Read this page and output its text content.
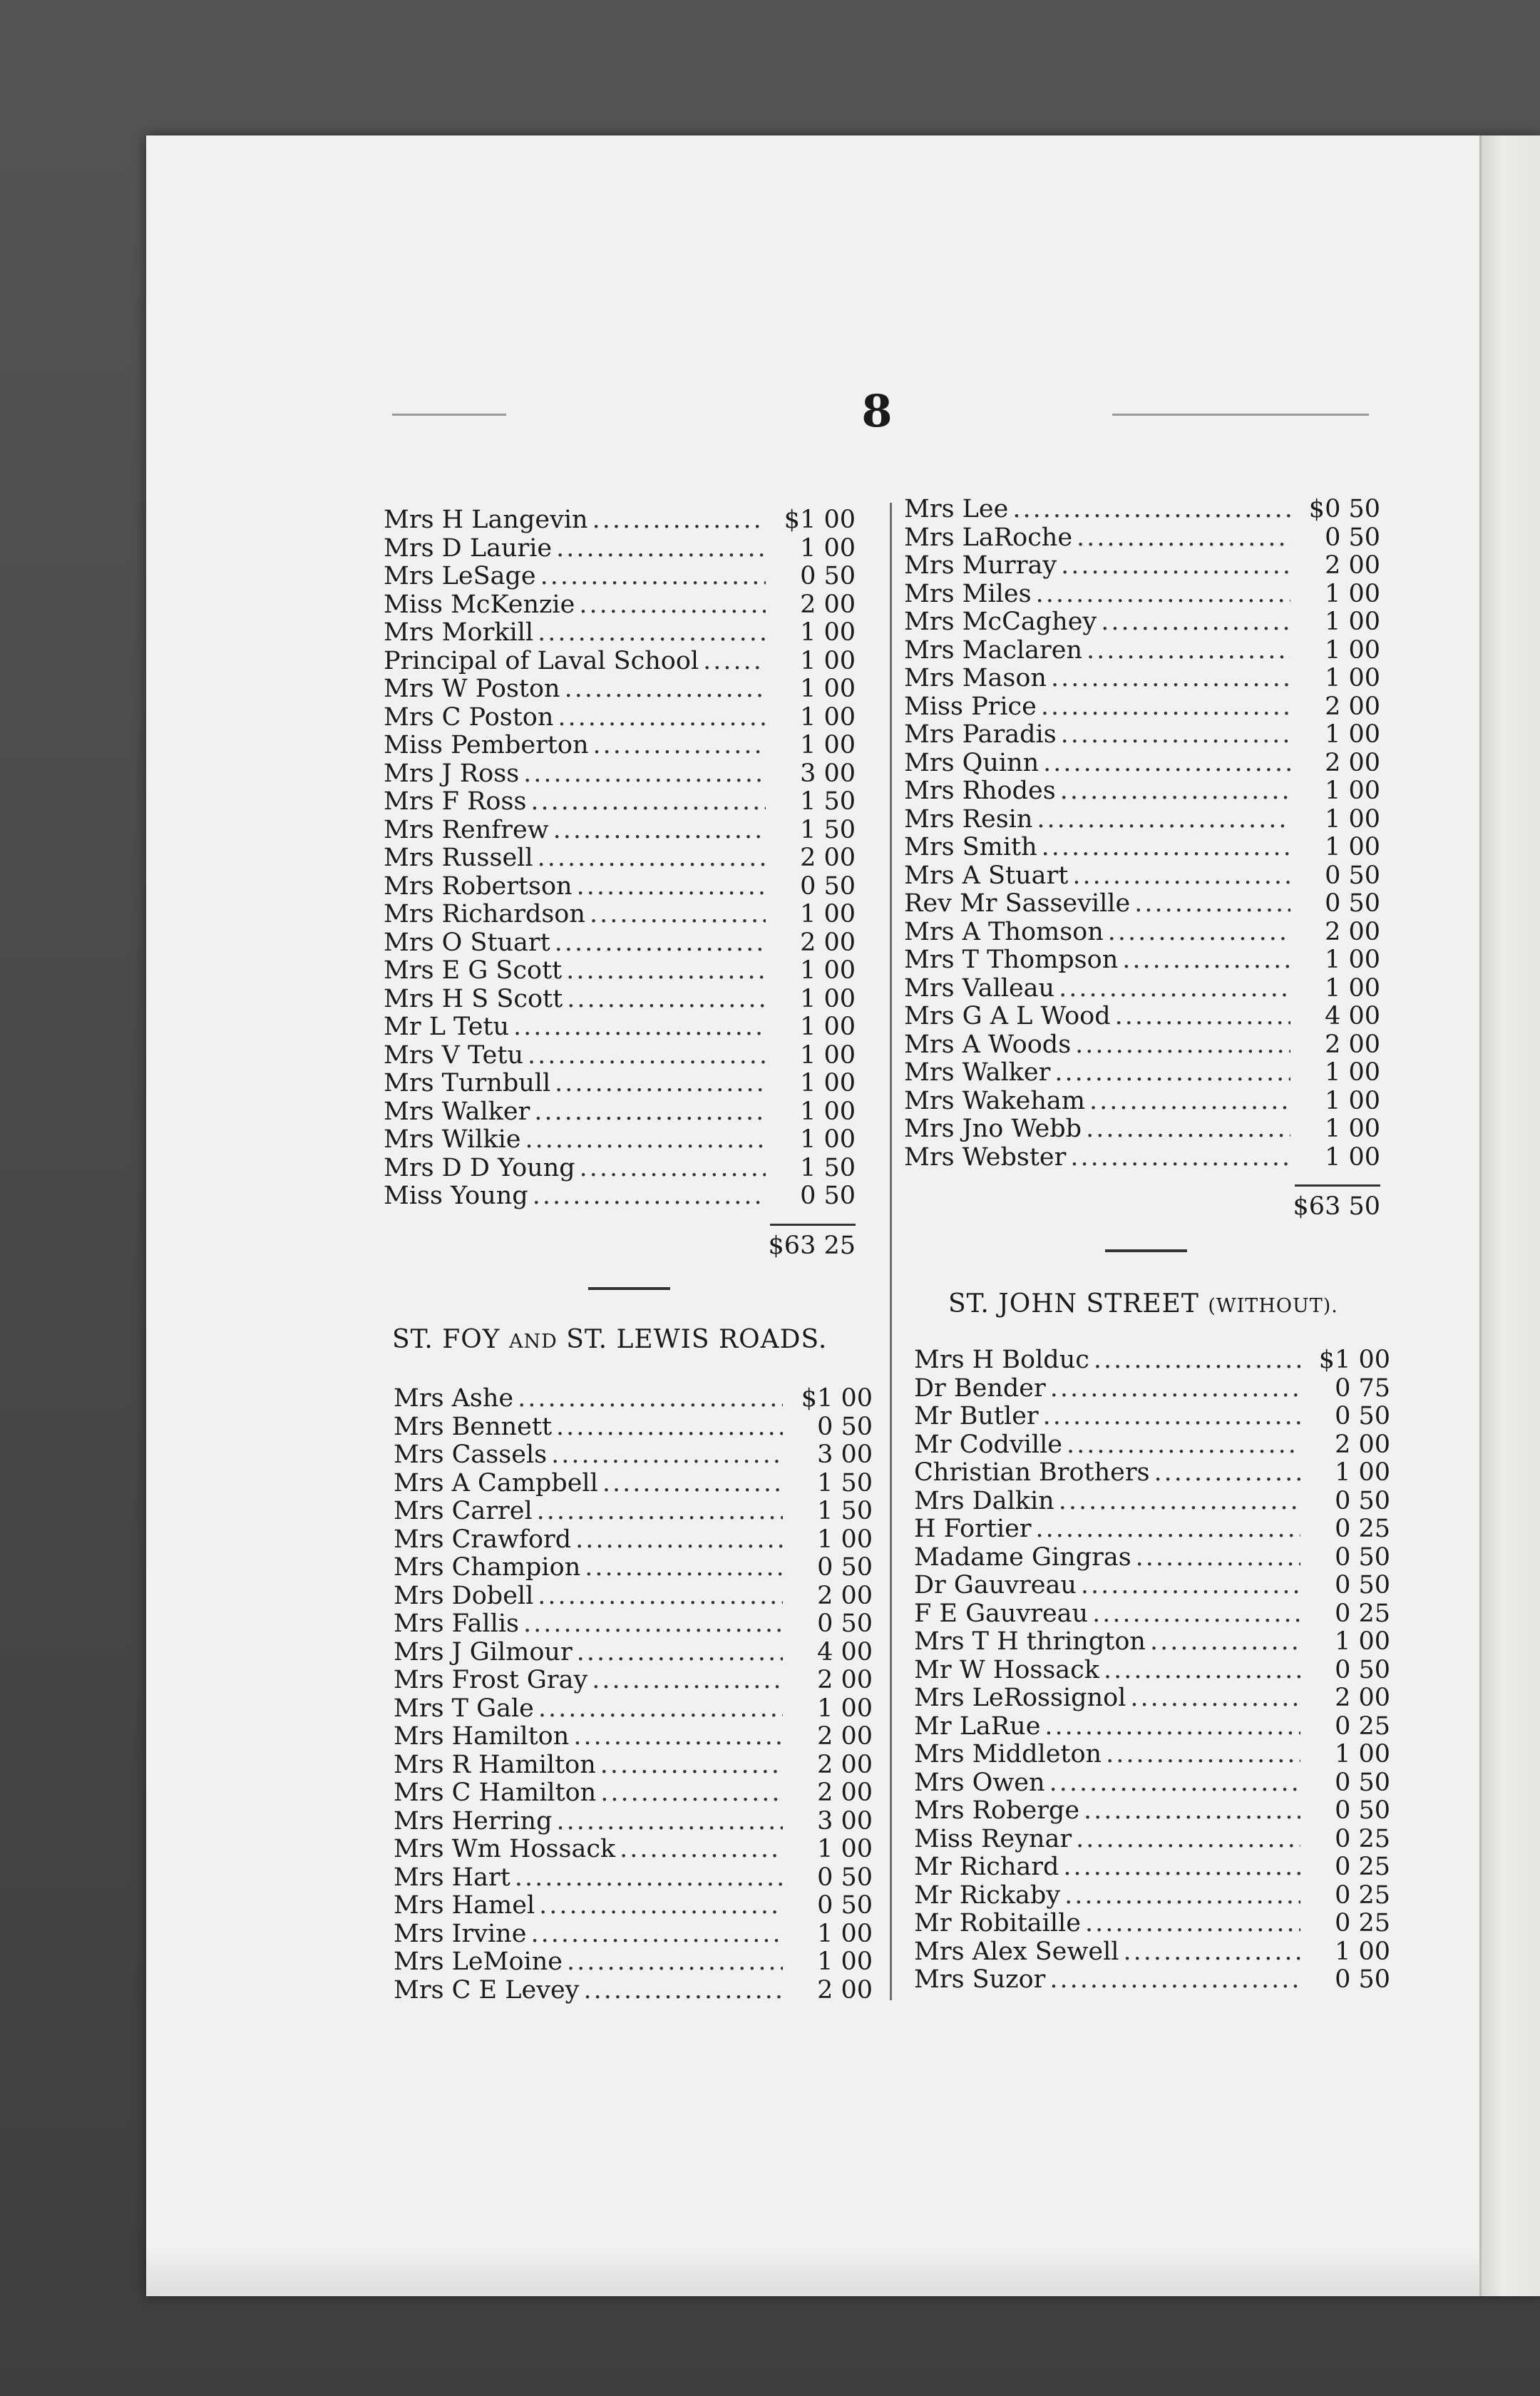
8
Mrs H Langevin .....	$1 00
Mrs D Laurie .....	1 00
Mrs LeSage .....	0 50
Miss McKenzie .....	2 00
Mrs Morkill .....	1 00
Principal of Laval School .....	1 00
Mrs W Poston .....	1 00
Mrs C Poston .....	1 00
Miss Pemberton .....	1 00
Mrs J Ross .....	3 00
Mrs F Ross .....	1 50
Mrs Renfrew .....	1 50
Mrs Russell .....	2 00
Mrs Robertson .....	0 50
Mrs Richardson .....	1 00
Mrs O Stuart .....	2 00
Mrs E G Scott .....	1 00
Mrs H S Scott .....	1 00
Mr L Tetu .....	1 00
Mrs V Tetu .....	1 00
Mrs Turnbull .....	1 00
Mrs Walker .....	1 00
Mrs Wilkie .....	1 00
Mrs D D Young .....	1 50
Miss Young .....	0 50
$63 25
Mrs Lee .....	$0 50
Mrs LaRoche .....	0 50
Mrs Murray .....	2 00
Mrs Miles .....	1 00
Mrs McCaghey .....	1 00
Mrs Maclaren .....	1 00
Mrs Mason .....	1 00
Miss Price .....	2 00
Mrs Paradis .....	1 00
Mrs Quinn .....	2 00
Mrs Rhodes .....	1 00
Mrs Resin .....	1 00
Mrs Smith .....	1 00
Mrs A Stuart .....	0 50
Rev Mr Sasseville .....	0 50
Mrs A Thomson .....	2 00
Mrs T Thompson .....	1 00
Mrs Valleau .....	1 00
Mrs G A L Wood .....	4 00
Mrs A Woods .....	2 00
Mrs Walker .....	1 00
Mrs Wakeham .....	1 00
Mrs Jno Webb .....	1 00
Mrs Webster .....	1 00
$63 50
ST. FOY AND ST. LEWIS ROADS.
ST. JOHN STREET (WITHOUT).
Mrs Ashe .....	$1 00
Mrs Bennett .....	0 50
Mrs Cassels .....	3 00
Mrs A Campbell .....	1 50
Mrs Carrel .....	1 50
Mrs Crawford .....	1 00
Mrs Champion .....	0 50
Mrs Dobell .....	2 00
Mrs Fallis .....	0 50
Mrs J Gilmour .....	4 00
Mrs Frost Gray .....	2 00
Mrs T Gale .....	1 00
Mrs Hamilton .....	2 00
Mrs R Hamilton .....	2 00
Mrs C Hamilton .....	2 00
Mrs Herring .....	3 00
Mrs Wm Hossack .....	1 00
Mrs Hart .....	0 50
Mrs Hamel .....	0 50
Mrs Irvine .....	1 00
Mrs LeMoine .....	1 00
Mrs C E Levey .....	2 00
Mrs H Bolduc .....	$1 00
Dr Bender .....	0 75
Mr Butler .....	0 50
Mr Codville .....	2 00
Christian Brothers .....	1 00
Mrs Dalkin .....	0 50
H Fortier .....	0 25
Madame Gingras .....	0 50
Dr Gauvreau .....	0 50
F E Gauvreau .....	0 25
Mrs T H thrington .....	1 00
Mr W Hossack .....	0 50
Mrs LeRossignol .....	2 00
Mr LaRue .....	0 25
Mrs Middleton .....	1 00
Mrs Owen .....	0 50
Mrs Roberge .....	0 50
Miss Reynar .....	0 25
Mr Richard .....	0 25
Mr Rickaby .....	0 25
Mr Robitaille .....	0 25
Mrs Alex Sewell .....	1 00
Mrs Suzor .....	0 50
